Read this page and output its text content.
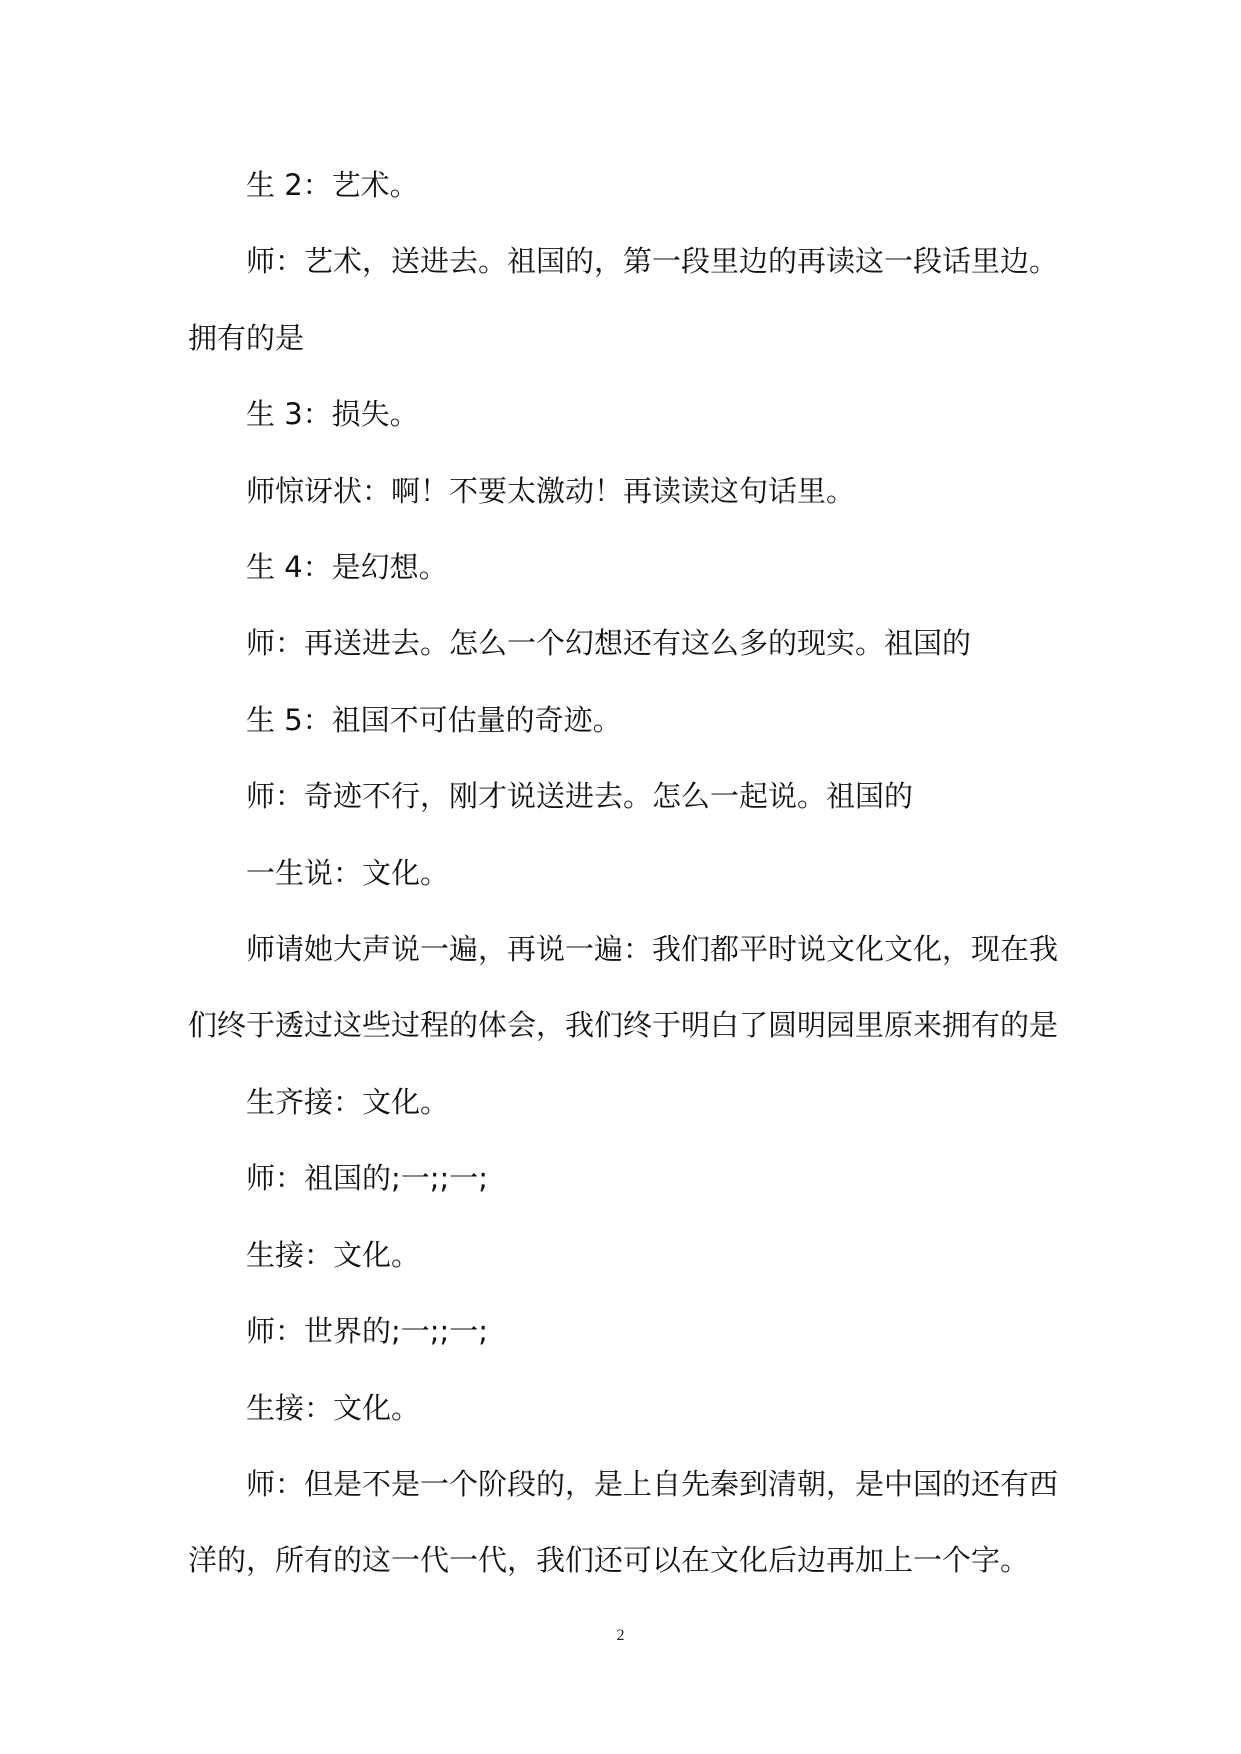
生 2：艺术。

师：艺术，送进去。祖国的，第一段里边的再读这一段话里边。拥有的是

生 3：损失。

师惊讶状：啊！不要太激动！再读读这句话里。

生 4：是幻想。

师：再送进去。怎么一个幻想还有这么多的现实。祖国的

生 5：祖国不可估量的奇迹。

师：奇迹不行，刚才说送进去。怎么一起说。祖国的

一生说：文化。

师请她大声说一遍，再说一遍：我们都平时说文化文化，现在我们终于透过这些过程的体会，我们终于明白了圆明园里原来拥有的是

生齐接：文化。

师：祖国的;一;;一;

生接：文化。

师：世界的;一;;一;

生接：文化。

师：但是不是一个阶段的，是上自先秦到清朝，是中国的还有西洋的，所有的这一代一代，我们还可以在文化后边再加上一个字。

2
